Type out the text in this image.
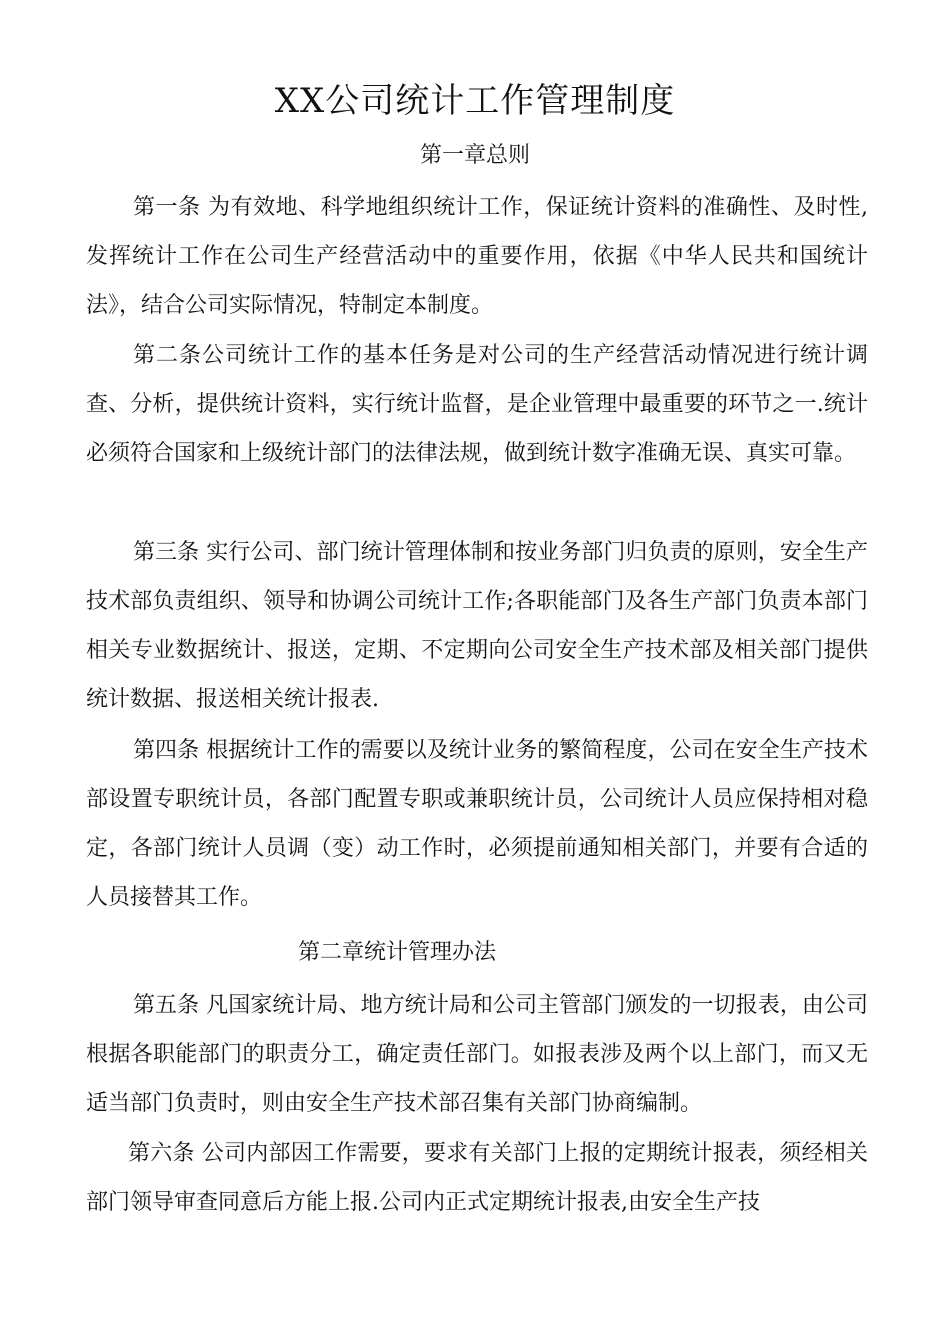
XX公司统计工作管理制度
第一章总则

第一条 为有效地、科学地组织统计工作，保证统计资料的准确性、及时性,发挥统计工作在公司生产经营活动中的重要作用，依据《中华人民共和国统计法》，结合公司实际情况，特制定本制度。

第二条公司统计工作的基本任务是对公司的生产经营活动情况进行统计调查、分析，提供统计资料，实行统计监督，是企业管理中最重要的环节之一.统计必须符合国家和上级统计部门的法律法规，做到统计数字准确无误、真实可靠。

第三条 实行公司、部门统计管理体制和按业务部门归负责的原则，安全生产技术部负责组织、领导和协调公司统计工作;各职能部门及各生产部门负责本部门相关专业数据统计、报送，定期、不定期向公司安全生产技术部及相关部门提供统计数据、报送相关统计报表.

第四条 根据统计工作的需要以及统计业务的繁简程度，公司在安全生产技术部设置专职统计员，各部门配置专职或兼职统计员，公司统计人员应保持相对稳定，各部门统计人员调（变）动工作时，必须提前通知相关部门，并要有合适的人员接替其工作。

第二章统计管理办法

第五条 凡国家统计局、地方统计局和公司主管部门颁发的一切报表，由公司根据各职能部门的职责分工，确定责任部门。如报表涉及两个以上部门，而又无适当部门负责时，则由安全生产技术部召集有关部门协商编制。

第六条 公司内部因工作需要，要求有关部门上报的定期统计报表，须经相关部门领导审查同意后方能上报.公司内正式定期统计报表,由安全生产技
